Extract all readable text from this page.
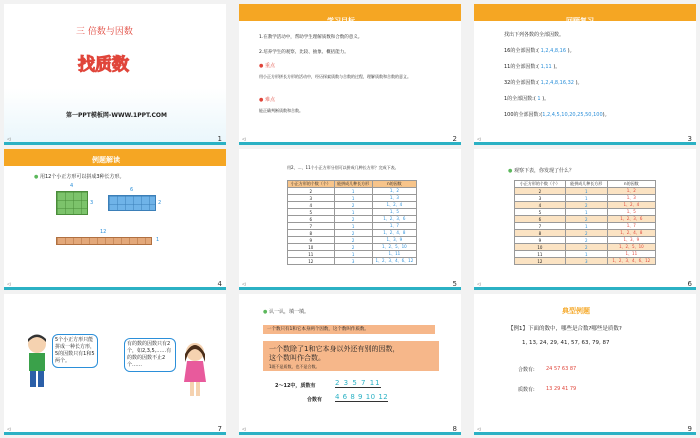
三 倍数与因数
找质数
第一PPT模板网-WWW.1PPT.COM
◃	1
学习目标
1.在教学活动中，帮助学生理解质数和合数的意义。
2.培养学生的观察、比较、抽象、概括能力。
● 重点
用小正方形拼长方形的活动中，经历探索质数与合数的过程，理解质数和合数的意义。
● 难点
能正确判断质数和合数。
◃	2
回顾复习
找出下列各数的全部因数。
16的全部因数:( 1,2,4,8,16 )。
11的全部因数:( 1,11 )。
32的全部因数:( 1,2,4,8,16,32 )。
1的全部因数:( 1 )。
100的全部因数:(1,2,4,5,10,20,25,50,100)。
◃	3
例题解读
● 用12个小正方形可以拼成3种长方形。
4
3
6
2
12
1
◃	4
用2、…、11个小正方形分别可以拼成几种长方形？完成下表。
小正方形的个数（个）	能拼成几种长方形	n的因数
2	1	1、2
3	1	1、3
4	2	1、2、4
5	1	1、5
6	2	1、2、3、6
7	1	1、7
8	2	1、2、4、8
9	2	1、3、9
10	2	1、2、5、10
11	1	1、11
12	3	1、2、3、4、6、12
◃	5
● 观察下表，你发现了什么？
小正方形的个数（个）	能拼成几种长方形	n的因数
2	1	1、2
3	1	1、3
4	2	1、2、4
5	1	1、5
6	2	1、2、3、6
7	1	1、7
8	2	1、2、4、8
9	2	1、3、9
10	2	1、2、5、10
11	1	1、11
12	3	1、2、3、4、6、12
◃	6
5个小正方形只能拼成一种长方形，5的因数只有1和5两个。
有的数的因数只有2个，如2,3,5,……有的数的因数不止2个……
◃	7
● 认一认，填一填。
一个数只有1和它本身两个因数，这个数叫作质数。
一个数除了1和它本身以外还有别的因数，
这个数叫作合数。
1既不是质数，也不是合数。
2～12中，质数有	2 3 5 7 11
合数有 4 6 8 9 10 12
◃	8
典型例题
【例1】下面的数中，哪些是合数?哪些是质数?
1, 13, 24, 29, 41, 57, 63, 79, 87
合数有: 24 57 63 87
质数有: 13 29 41 79
◃	9
